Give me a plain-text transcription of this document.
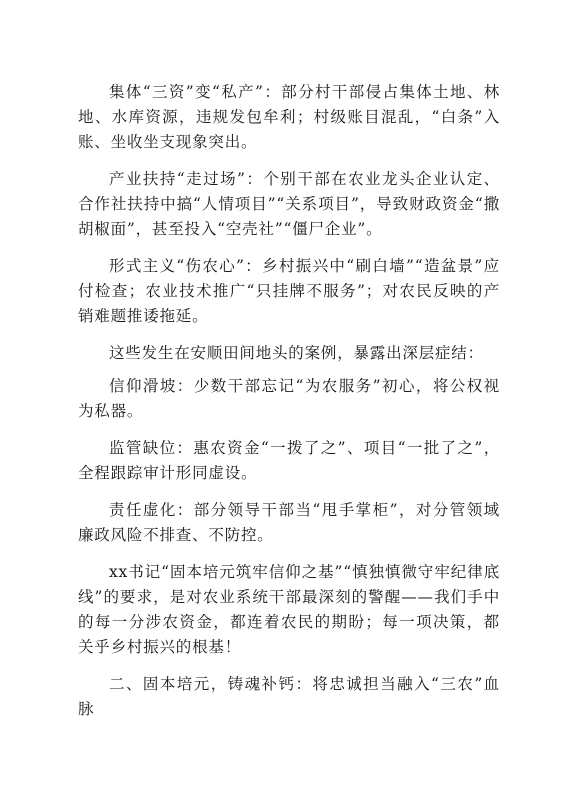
集体“三资”变“私产”：部分村干部侵占集体土地、林地、水库资源，违规发包牟利；村级账目混乱，“白条”入账、坐收坐支现象突出。

产业扶持“走过场”：个别干部在农业龙头企业认定、合作社扶持中搞“人情项目”“关系项目”，导致财政资金“撒胡椒面”，甚至投入“空壳社”“僵尸企业”。

形式主义“伤农心”：乡村振兴中“刷白墙”“造盆景”应付检查；农业技术推广“只挂牌不服务”；对农民反映的产销难题推诿拖延。

这些发生在安顺田间地头的案例，暴露出深层症结：

信仰滑坡：少数干部忘记“为农服务”初心，将公权视为私器。

监管缺位：惠农资金“一拨了之”、项目“一批了之”，全程跟踪审计形同虚设。

责任虚化：部分领导干部当“甩手掌柜”，对分管领域廉政风险不排查、不防控。

xx书记“固本培元筑牢信仰之基”“慎独慎微守牢纪律底线”的要求，是对农业系统干部最深刻的警醒——我们手中的每一分涉农资金，都连着农民的期盼；每一项决策，都关乎乡村振兴的根基！

二、固本培元，铸魂补钙：将忠诚担当融入“三农”血脉
